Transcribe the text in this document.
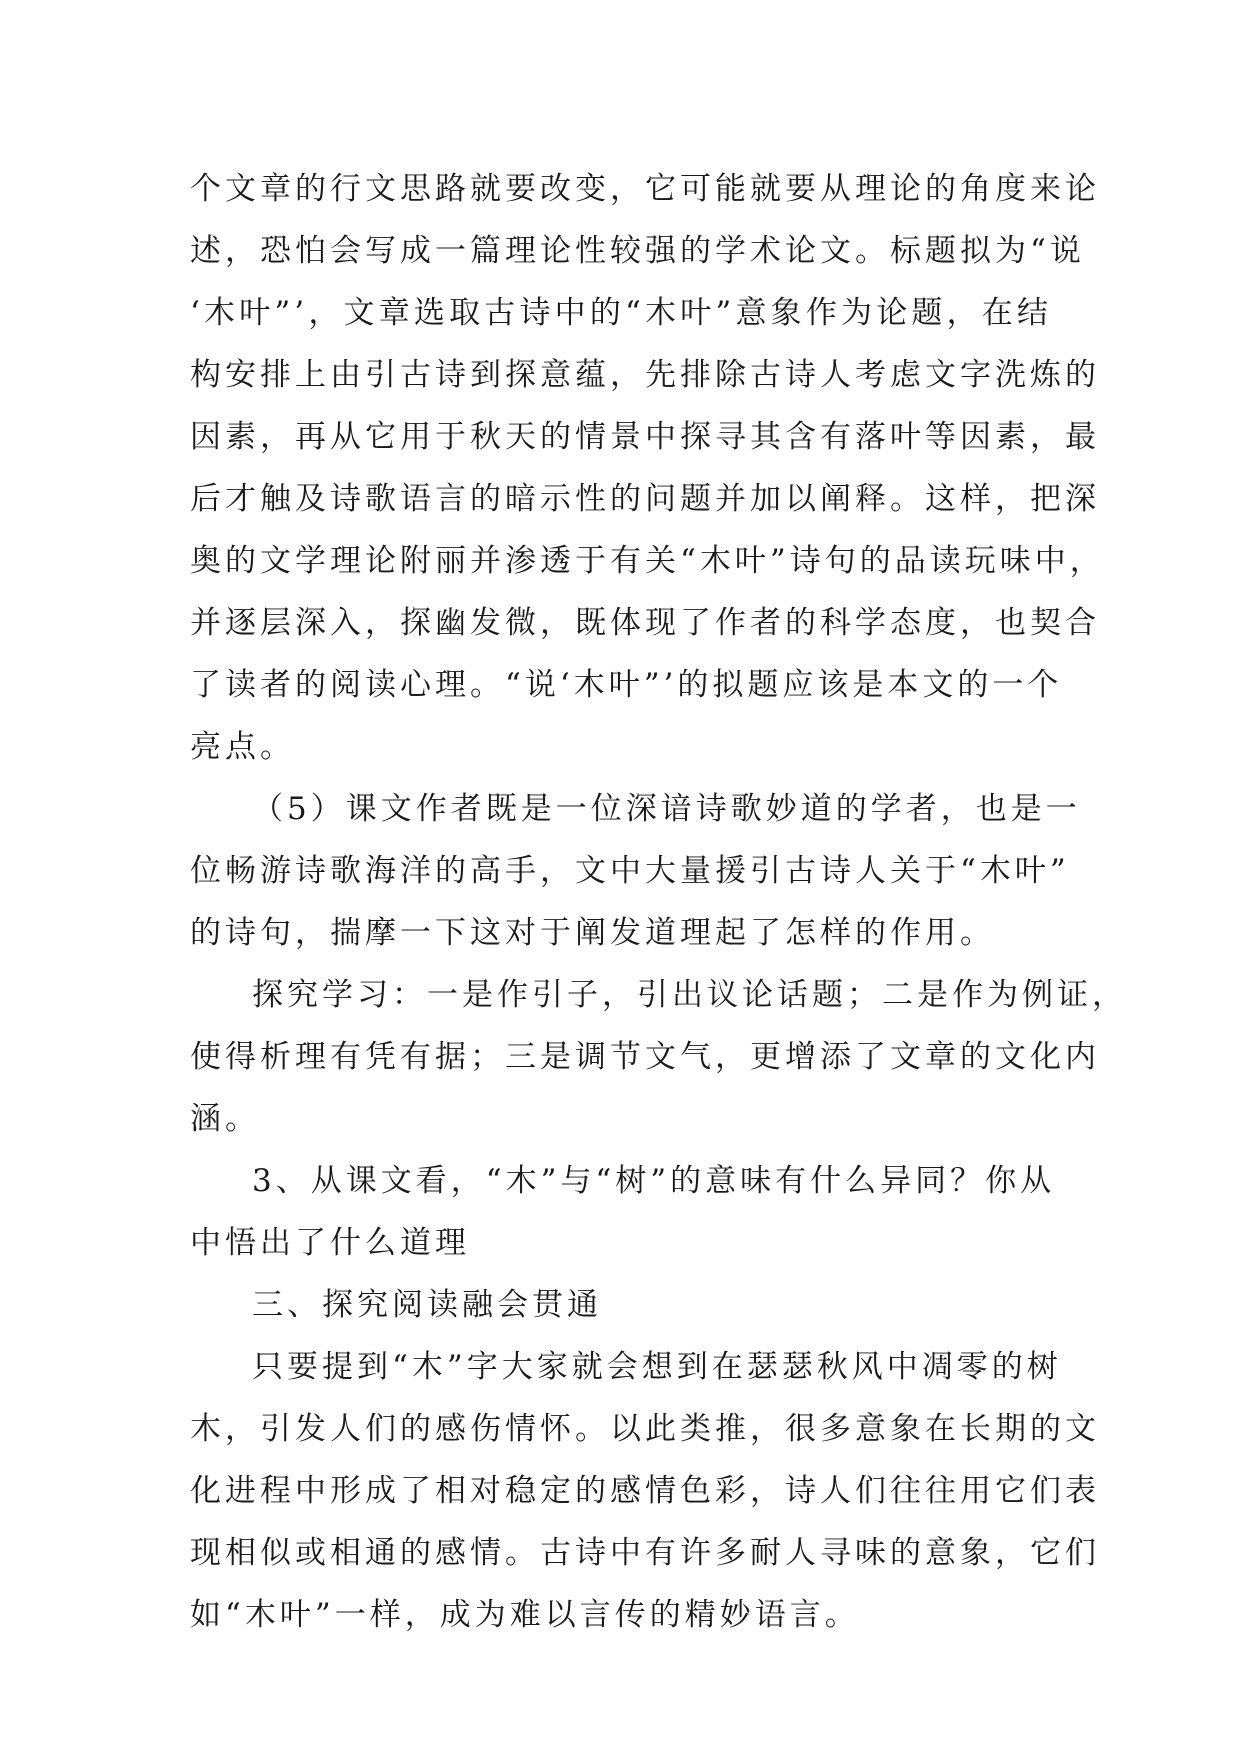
个文章的行文思路就要改变，它可能就要从理论的角度来论
述，恐怕会写成一篇理论性较强的学术论文。标题拟为“说
‘木叶”’，文章选取古诗中的“木叶”意象作为论题，在结
构安排上由引古诗到探意蕴，先排除古诗人考虑文字洗炼的
因素，再从它用于秋天的情景中探寻其含有落叶等因素，最
后才触及诗歌语言的暗示性的问题并加以阐释。这样，把深
奥的文学理论附丽并渗透于有关“木叶”诗句的品读玩味中，
并逐层深入，探幽发微，既体现了作者的科学态度，也契合
了读者的阅读心理。“说‘木叶”’的拟题应该是本文的一个
亮点。
（5）课文作者既是一位深谙诗歌妙道的学者，也是一
位畅游诗歌海洋的高手，文中大量援引古诗人关于“木叶”
的诗句，揣摩一下这对于阐发道理起了怎样的作用。
探究学习：一是作引子，引出议论话题；二是作为例证，
使得析理有凭有据；三是调节文气，更增添了文章的文化内
涵。
3、从课文看，“木”与“树”的意味有什么异同？你从
中悟出了什么道理
三、探究阅读融会贯通
只要提到“木”字大家就会想到在瑟瑟秋风中凋零的树
木，引发人们的感伤情怀。以此类推，很多意象在长期的文
化进程中形成了相对稳定的感情色彩，诗人们往往用它们表
现相似或相通的感情。古诗中有许多耐人寻味的意象，它们
如“木叶”一样，成为难以言传的精妙语言。
